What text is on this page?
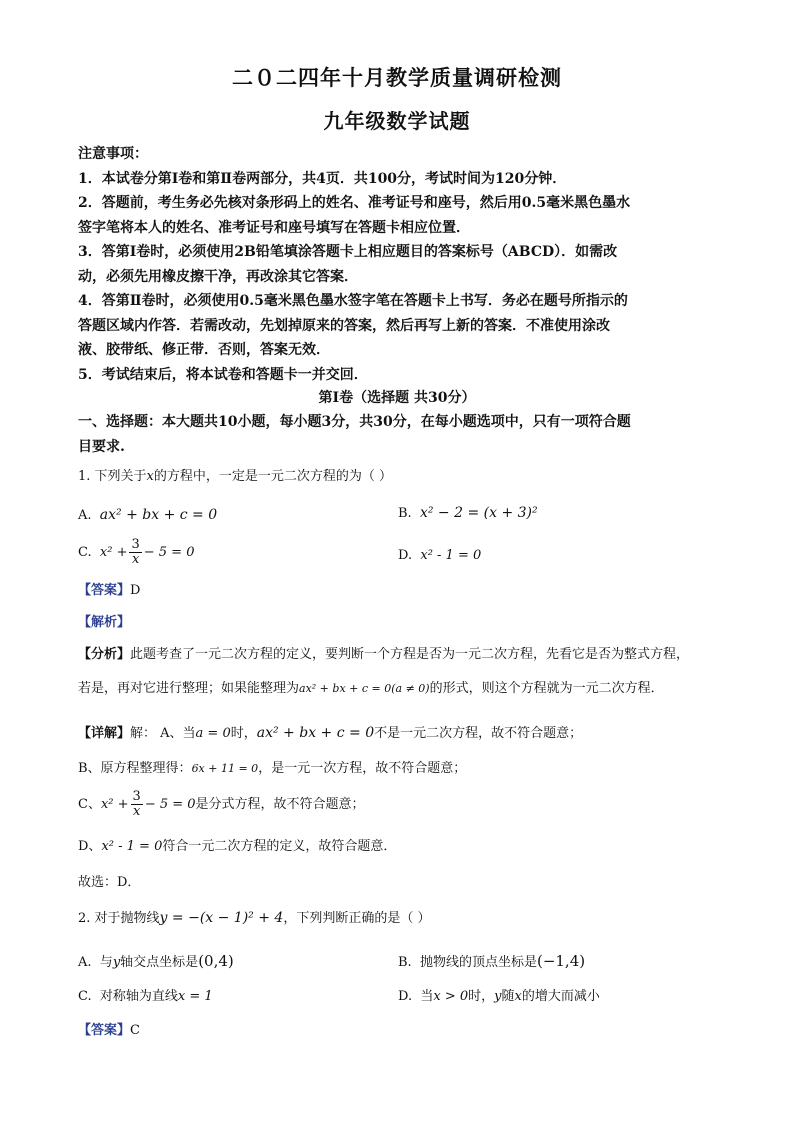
二０二四年十月教学质量调研检测
九年级数学试题

注意事项：

1．本试卷分第Ⅰ卷和第Ⅱ卷两部分，共4页．共100分，考试时间为120分钟．

2．答题前，考生务必先核对条形码上的姓名、准考证号和座号，然后用0.5毫米黑色墨水

签字笔将本人的姓名、准考证号和座号填写在答题卡相应位置．

3．答第Ⅰ卷时，必须使用2B铅笔填涂答题卡上相应题目的答案标号（ABCD）．如需改

动，必须先用橡皮擦干净，再改涂其它答案．

4．答第Ⅱ卷时，必须使用0.5毫米黑色墨水签字笔在答题卡上书写．务必在题号所指示的

答题区域内作答．若需改动，先划掉原来的答案，然后再写上新的答案．不准使用涂改

液、胶带纸、修正带．否则，答案无效．

5．考试结束后，将本试卷和答题卡一并交回．

第Ⅰ卷（选择题 共30分）
一、选择题：本大题共10小题，每小题3分，共30分，在每小题选项中，只有一项符合题
目要求.
1. 下列关于x的方程中，一定是一元二次方程的为（ ）
A. ax² + bx + c = 0	B. x² − 2 = (x + 3)²
C. $x^2 + \frac{3}{x} - 5 = 0$	D. x² - 1 = 0
【答案】D
【解析】
【分析】此题考查了一元二次方程的定义，要判断一个方程是否为一元二次方程，先看它是否为整式方程，
若是，再对它进行整理；如果能整理为ax² + bx + c = 0(a ≠ 0)的形式，则这个方程就为一元二次方程．
【详解】解： A、当a = 0时，ax² + bx + c = 0不是一元二次方程，故不符合题意；
B、原方程整理得：6x + 11 = 0，是一元一次方程，故不符合题意；
C、$x^2 + \frac{3}{x} - 5 = 0$是分式方程，故不符合题意；
D、x² - 1 = 0符合一元二次方程的定义，故符合题意．
故选：D．
2. 对于抛物线y = −(x − 1)² + 4，下列判断正确的是（ ）
A. 与y轴交点坐标是(0,4)	B. 抛物线的顶点坐标是(−1,4)
C. 对称轴为直线x = 1	D. 当x > 0时，y随x的增大而减小
【答案】C
